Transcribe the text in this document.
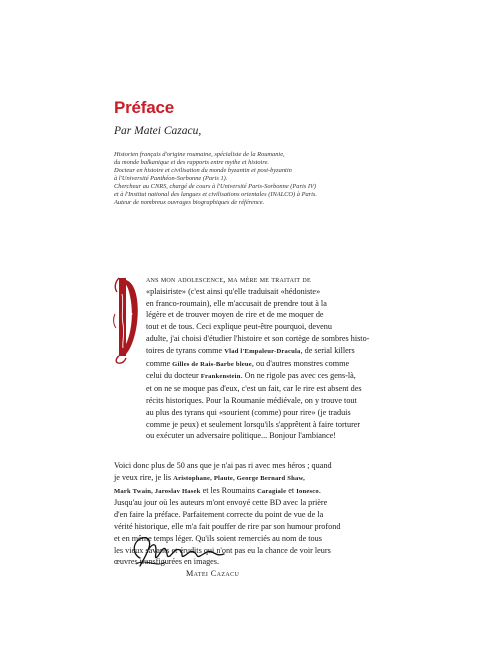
Préface
Par Matei Cazacu,
Historien français d'origine roumaine, spécialiste de la Roumanie,
du monde balkanique et des rapports entre mythe et histoire.
Docteur en histoire et civilisation du monde byzantin et post-byzantin
à l'Université Panthéon-Sorbonne (Paris 1).
Chercheur au CNRS, chargé de cours à l'Université Paris-Sorbonne (Paris IV)
et à l'Institut national des langues et civilisations orientales (INALCO) à Paris.
Auteur de nombreux ouvrages biographiques de référence.
ans mon adolescence, ma mère me traitait de
«plaisiriste» (c'est ainsi qu'elle traduisait «hédoniste»
en franco-roumain), elle m'accusait de prendre tout à la
légère et de trouver moyen de rire et de me moquer de
tout et de tous. Ceci explique peut-être pourquoi, devenu
adulte, j'ai choisi d'étudier l'histoire et son cortège de sombres histo-
toires de tyrans comme Vlad l'Empaleur-Dracula, de serial killers
comme Gilles de Rais-Barbe bleue, ou d'autres monstres comme
celui du docteur Frankenstein. On ne rigole pas avec ces gens-là,
et on ne se moque pas d'eux, c'est un fait, car le rire est absent des
récits historiques. Pour la Roumanie médiévale, on y trouve tout
au plus des tyrans qui «sourient (comme) pour rire» (je traduis
comme je peux) et seulement lorsqu'ils s'apprêtent à faire torturer
ou exécuter un adversaire politique... Bonjour l'ambiance!
Voici donc plus de 50 ans que je n'ai pas ri avec mes héros ; quand
je veux rire, je lis Aristophane, Plaute, George Bernard Shaw,
Mark Twain, Jaroslav Hasek et les Roumains Caragiale et Ionesco.
Jusqu'au jour où les auteurs m'ont envoyé cette BD avec la prière
d'en faire la préface. Parfaitement correcte du point de vue de la
vérité historique, elle m'a fait pouffer de rire par son humour profond
et en même temps léger. Qu'ils soient remerciés au nom de tous
les vieux savants et érudits qui n'ont pas eu la chance de voir leurs
œuvres transfigurées en images.
Matei Cazacu
